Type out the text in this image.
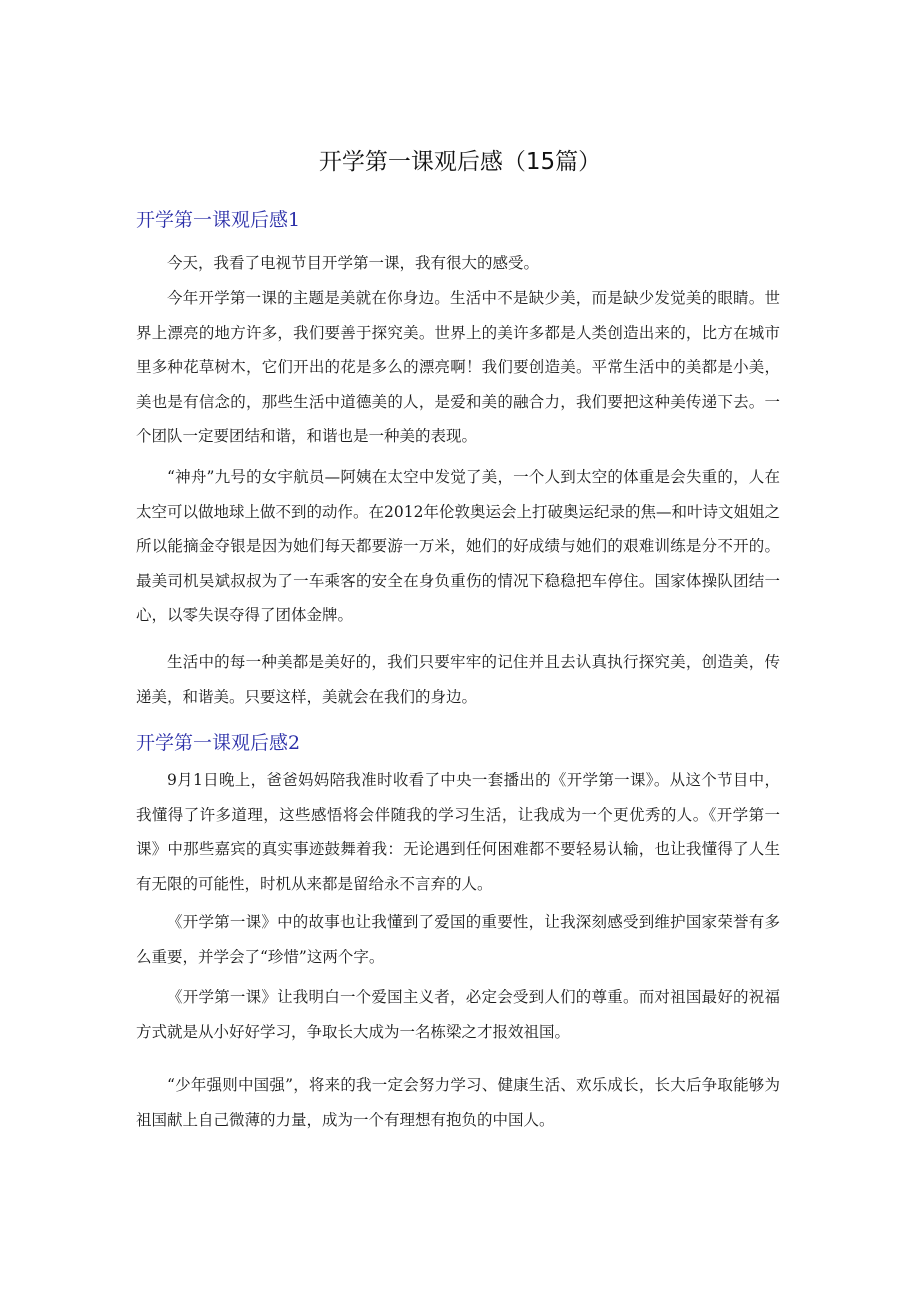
开学第一课观后感（15篇）
开学第一课观后感1

今天，我看了电视节目开学第一课，我有很大的感受。

今年开学第一课的主题是美就在你身边。生活中不是缺少美，而是缺少发觉美的眼睛。世界上漂亮的地方许多，我们要善于探究美。世界上的美许多都是人类创造出来的，比方在城市里多种花草树木，它们开出的花是多么的漂亮啊！我们要创造美。平常生活中的美都是小美，美也是有信念的，那些生活中道德美的人，是爱和美的融合力，我们要把这种美传递下去。一个团队一定要团结和谐，和谐也是一种美的表现。

“神舟”九号的女宇航员—阿姨在太空中发觉了美，一个人到太空的体重是会失重的，人在太空可以做地球上做不到的动作。在2012年伦敦奥运会上打破奥运纪录的焦—和叶诗文姐姐之所以能摘金夺银是因为她们每天都要游一万米，她们的好成绩与她们的艰难训练是分不开的。最美司机吴斌叔叔为了一车乘客的安全在身负重伤的情况下稳稳把车停住。国家体操队团结一心，以零失误夺得了团体金牌。

生活中的每一种美都是美好的，我们只要牢牢的记住并且去认真执行探究美，创造美，传递美，和谐美。只要这样，美就会在我们的身边。

开学第一课观后感2

9月1日晚上，爸爸妈妈陪我准时收看了中央一套播出的《开学第一课》。从这个节目中，我懂得了许多道理，这些感悟将会伴随我的学习生活，让我成为一个更优秀的人。《开学第一课》中那些嘉宾的真实事迹鼓舞着我：无论遇到任何困难都不要轻易认输，也让我懂得了人生有无限的可能性，时机从来都是留给永不言弃的人。

《开学第一课》中的故事也让我懂到了爱国的重要性，让我深刻感受到维护国家荣誉有多么重要，并学会了“珍惜”这两个字。

《开学第一课》让我明白一个爱国主义者，必定会受到人们的尊重。而对祖国最好的祝福方式就是从小好好学习，争取长大成为一名栋梁之才报效祖国。

“少年强则中国强”，将来的我一定会努力学习、健康生活、欢乐成长，长大后争取能够为祖国献上自己微薄的力量，成为一个有理想有抱负的中国人。
